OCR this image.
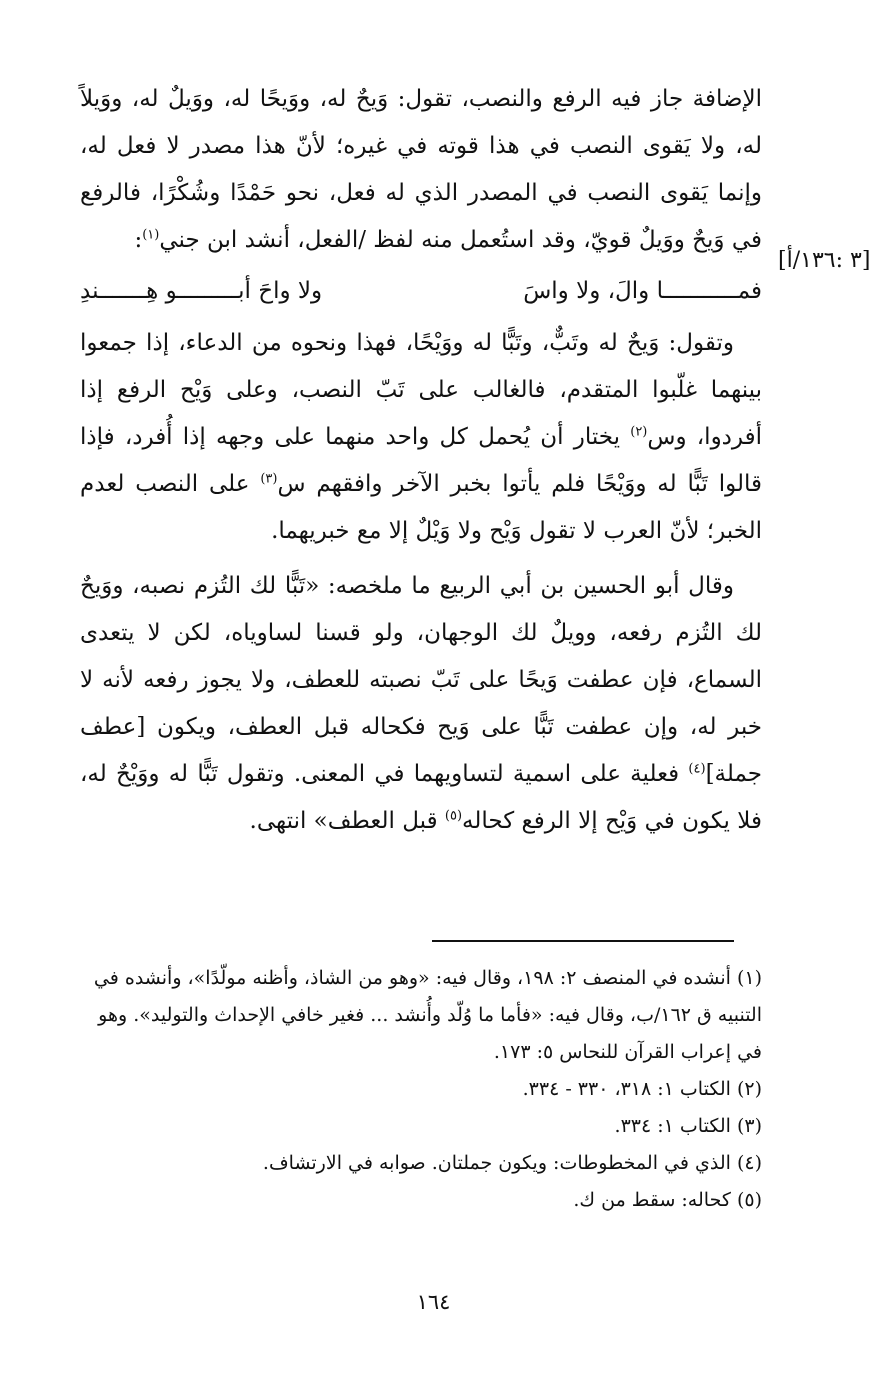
[٣ :١٣٦/أ]

الإضافة جاز فيه الرفع والنصب، تقول: وَيحٌ له، ووَيحًا له، ووَيلٌ له، ووَيلاً له، ولا يَقوى النصب في هذا قوته في غيره؛ لأنّ هذا مصدر لا فعل له، وإنما يَقوى النصب في المصدر الذي له فعل، نحو حَمْدًا وشُكْرًا، فالرفع في وَيحٌ ووَيلٌ قويّ، وقد استُعمل منه لفظ /الفعل، أنشد ابن جني$^{(١)}$:

فمـــــــــــا والَ، ولا واسَ
ولا واحَ أبـــــــــو هِـــــــندِ

وتقول: وَيحٌ له وتَبٌّ، وتَبًّا له ووَيْحًا، فهذا ونحوه من الدعاء، إذا جمعوا بينهما غلّبوا المتقدم، فالغالب على تَبّ النصب، وعلى وَيْح الرفع إذا أفردوا، وس$^{(٢)}$ يختار أن يُحمل كل واحد منهما على وجهه إذا أُفرد، فإذا قالوا تَبًّا له ووَيْحًا فلم يأتوا بخبر الآخر وافقهم س$^{(٣)}$ على النصب لعدم الخبر؛ لأنّ العرب لا تقول وَيْح ولا وَيْلٌ إلا مع خبريهما.

وقال أبو الحسين بن أبي الربيع ما ملخصه: «تَبًّا لك التُزم نصبه، ووَيحٌ لك التُزم رفعه، وويلٌ لك الوجهان، ولو قسنا لساوياه، لكن لا يتعدى السماع، فإن عطفت وَيحًا على تَبّ نصبته للعطف، ولا يجوز رفعه لأنه لا خبر له، وإن عطفت تَبًّا على وَيح فكحاله قبل العطف، ويكون [عطف جملة]$^{(٤)}$ فعلية على اسمية لتساويهما في المعنى. وتقول تَبًّا له ووَيْحٌ له، فلا يكون في وَيْح إلا الرفع كحاله$^{(٥)}$ قبل العطف» انتهى.

(١) أنشده في المنصف ٢: ١٩٨، وقال فيه: «وهو من الشاذ، وأظنه مولّدًا»، وأنشده في التنبيه ق ١٦٢/ب، وقال فيه: «فأما ما وُلّد وأُنشد ... فغير خافي الإحداث والتوليد». وهو في إعراب القرآن للنحاس ٥: ١٧٣.

(٢) الكتاب ١: ٣١٨، ٣٣٠ - ٣٣٤.

(٣) الكتاب ١: ٣٣٤.

(٤) الذي في المخطوطات: ويكون جملتان. صوابه في الارتشاف.

(٥) كحاله: سقط من ك.

١٦٤
